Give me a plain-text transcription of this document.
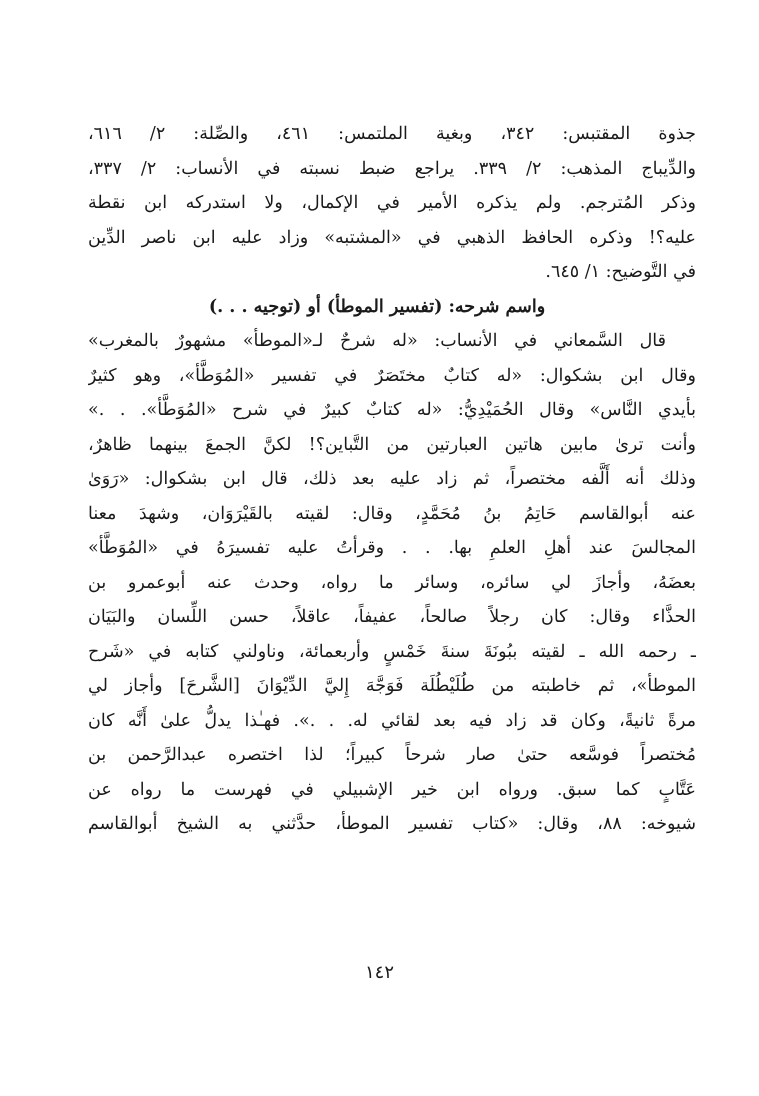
جذوة المقتبس: ٣٤٢، وبغية الملتمس: ٤٦١، والصِّلة: ٢/ ٦١٦،
والدِّيباج المذهب: ٢/ ٣٣٩. يراجع ضبط نسبته في الأنساب: ٢/ ٣٣٧،
وذكر المُترجم. ولم يذكره الأمير في الإكمال، ولا استدركه ابن نقطة
عليه؟! وذكره الحافظ الذهبي في «المشتبه» وزاد عليه ابن ناصر الدِّين
في التَّوضيح: ١/ ٦٤٥.
واسم شرحه: (تفسير الموطأ) أو (توجيه . . .)
قال السَّمعاني في الأنساب: «له شرحٌ لـ«الموطأ» مشهورٌ بالمغرب»
وقال ابن بشكوال: «له كتابٌ مختَصَرٌ في تفسير «المُوَطَّأ»، وهو كثيرٌ
بأيدي النَّاس» وقال الحُمَيْدِيُّ: «له كتابٌ كبيرٌ في شرح «المُوَطَّأ». . .»
وأنت ترىٰ مابين هاتين العبارتين من التَّباين؟! لكنَّ الجمعَ بينهما ظاهرٌ،
وذلك أنه أَلَّفه مختصراً، ثم زاد عليه بعد ذلك، قال ابن بشكوال: «رَوَىٰ
عنه أبوالقاسم حَاتِمُ بنُ مُحَمَّدٍ، وقال: لقيته بالقَيْرَوَان، وشهدَ معنا
المجالسَ عند أهلِ العلمِ بها. . . وقرأتُ عليه تفسيرَهُ في «المُوَطَّأ»
بعضَهُ، وأجازَ لي سائره، وسائر ما رواه، وحدث عنه أبوعمرو بن
الحذَّاء وقال: كان رجلاً صالحاً، عفيفاً، عاقلاً، حسن اللِّسان والبَيَان
ـ رحمه الله ـ لقيته ببُونَةَ سنةَ خَمْسٍ وأربعمائة، وناولني كتابه في «شَرح
الموطأ»، ثم خاطبته من طُلَيْطُلَة فَوَجَّهَ إِليَّ الدِّيْوَانَ [الشَّرحَ] وأجاز لي
مرةً ثانيةً، وكان قد زاد فيه بعد لقائي له. . .». فهـٰذا يدلُّ علىٰ أَنَّه كان
مُختصراً فوسَّعه حتىٰ صار شرحاً كبيراً؛ لذا اختصره عبدالرَّحمن بن
عَتَّابٍ كما سبق. ورواه ابن خير الإشبيلي في فهرست ما رواه عن
شيوخه: ٨٨، وقال: «كتاب تفسير الموطأ، حدَّثني به الشيخ أبوالقاسم
١٤٢
